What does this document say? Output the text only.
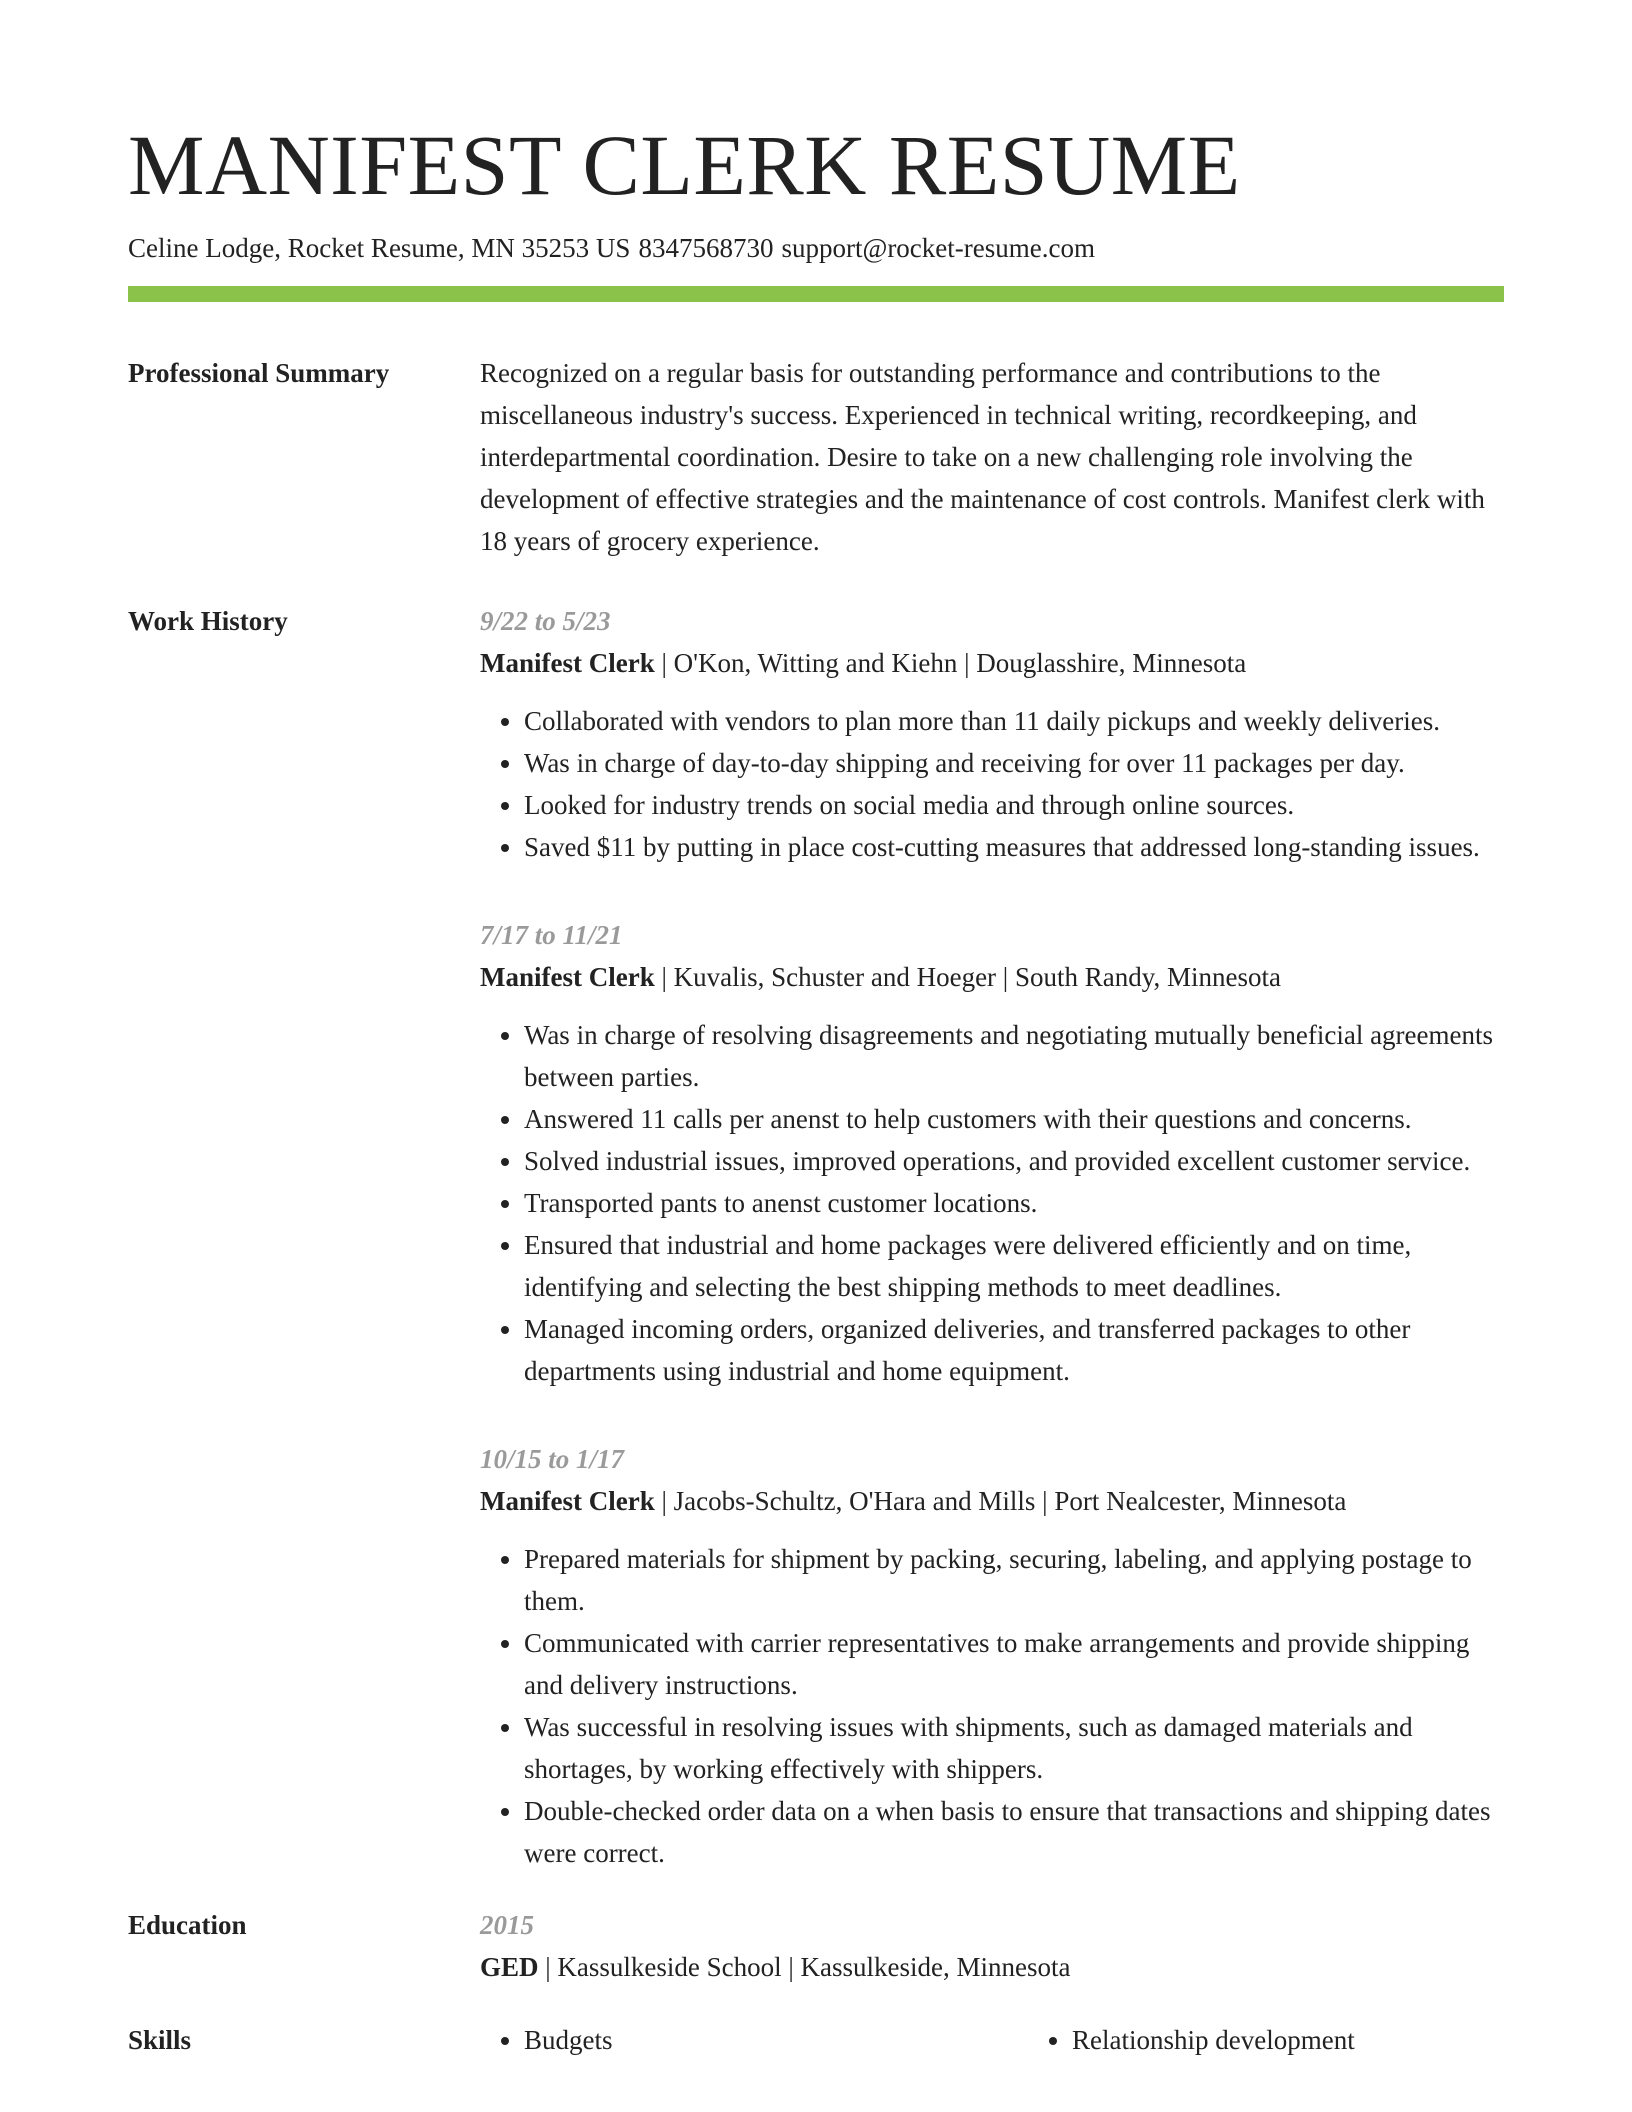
MANIFEST CLERK RESUME
Celine Lodge, Rocket Resume, MN 35253 US 8347568730 support@rocket-resume.com
Professional Summary	Recognized on a regular basis for outstanding performance and contributions to the miscellaneous industry's success. Experienced in technical writing, recordkeeping, and interdepartmental coordination. Desire to take on a new challenging role involving the development of effective strategies and the maintenance of cost controls. Manifest clerk with 18 years of grocery experience.

Work History	9/22 to 5/23
Manifest Clerk | O'Kon, Witting and Kiehn | Douglasshire, Minnesota
• Collaborated with vendors to plan more than 11 daily pickups and weekly deliveries.
• Was in charge of day-to-day shipping and receiving for over 11 packages per day.
• Looked for industry trends on social media and through online sources.
• Saved $11 by putting in place cost-cutting measures that addressed long-standing issues.
7/17 to 11/21
Manifest Clerk | Kuvalis, Schuster and Hoeger | South Randy, Minnesota
• Was in charge of resolving disagreements and negotiating mutually beneficial agreements between parties.
• Answered 11 calls per anenst to help customers with their questions and concerns.
• Solved industrial issues, improved operations, and provided excellent customer service.
• Transported pants to anenst customer locations.
• Ensured that industrial and home packages were delivered efficiently and on time, identifying and selecting the best shipping methods to meet deadlines.
• Managed incoming orders, organized deliveries, and transferred packages to other departments using industrial and home equipment.
10/15 to 1/17
Manifest Clerk | Jacobs-Schultz, O'Hara and Mills | Port Nealcester, Minnesota
• Prepared materials for shipment by packing, securing, labeling, and applying postage to them.
• Communicated with carrier representatives to make arrangements and provide shipping and delivery instructions.
• Was successful in resolving issues with shipments, such as damaged materials and shortages, by working effectively with shippers.
• Double-checked order data on a when basis to ensure that transactions and shipping dates were correct.
Education	2015
GED | Kassulkeside School | Kassulkeside, Minnesota
Skills	• Budgets	• Relationship development
